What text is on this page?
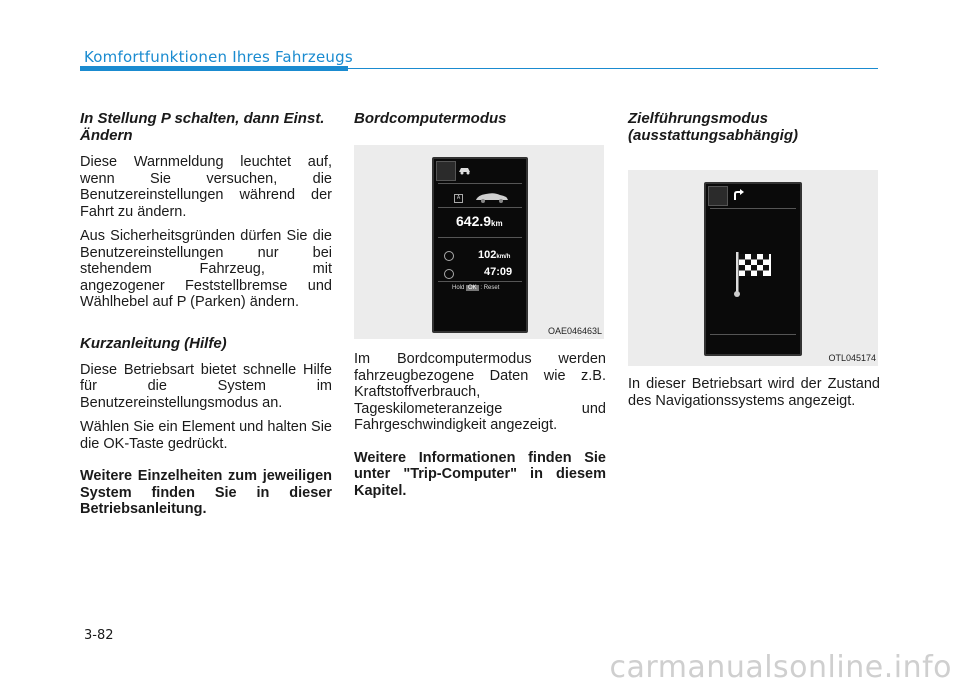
Komfortfunktionen Ihres Fahrzeugs
In Stellung P schalten, dann Einst. Ändern

Diese Warnmeldung leuchtet auf, wenn Sie versuchen, die Benutzereinstellungen während der Fahrt zu ändern.

Aus Sicherheitsgründen dürfen Sie die Benutzereinstellungen nur bei stehendem Fahrzeug, mit angezogener Feststellbremse und Wählhebel auf P (Parken) ändern.

Kurzanleitung (Hilfe)

Diese Betriebsart bietet schnelle Hilfe für die System im Benutzereinstellungsmodus an.

Wählen Sie ein Element und halten Sie die OK-Taste gedrückt.

Weitere Einzelheiten zum jeweiligen System finden Sie in dieser Betriebsanleitung.

Bordcomputermodus
A
642.9km
102km/h
47:09
Hold OK : Reset
OAE046463L

Im Bordcomputermodus werden fahrzeugbezogene Daten wie z.B. Kraftstoffverbrauch, Tageskilometeranzeige und Fahrgeschwindigkeit angezeigt.

Weitere Informationen finden Sie unter "Trip-Computer" in diesem Kapitel.

Zielführungsmodus (ausstattungsabhängig)
OTL045174

In dieser Betriebsart wird der Zustand des Navigationssystems angezeigt.

3-82
carmanualsonline.info
